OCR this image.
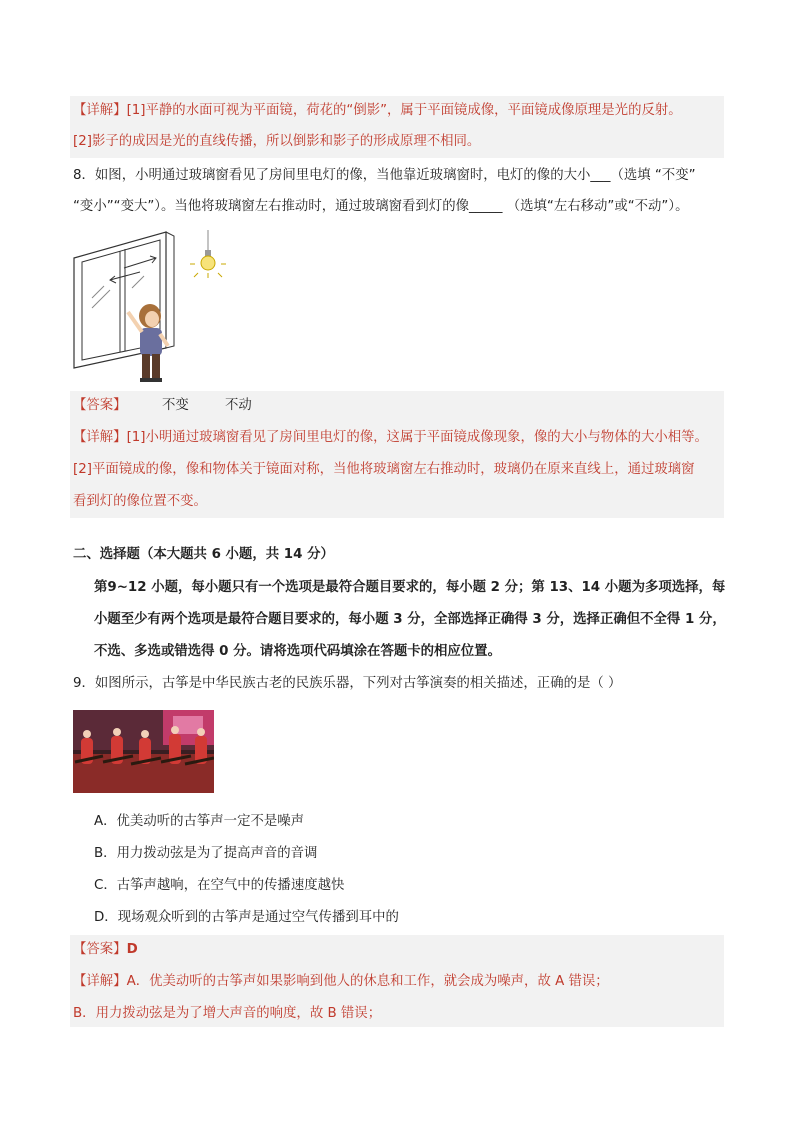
【详解】[1]平静的水面可视为平面镜，荷花的“倒影”，属于平面镜成像，平面镜成像原理是光的反射。
[2]影子的成因是光的直线传播，所以倒影和影子的形成原理不相同。
8．如图，小明通过玻璃窗看见了房间里电灯的像，当他靠近玻璃窗时，电灯的像的大小___（选填 “不变”
“变小”“变大”）。当他将玻璃窗左右推动时，通过玻璃窗看到灯的像_____ （选填“左右移动”或“不动”）。
【答案】	不变	不动
【详解】[1]小明通过玻璃窗看见了房间里电灯的像，这属于平面镜成像现象，像的大小与物体的大小相等。
[2]平面镜成的像，像和物体关于镜面对称，当他将玻璃窗左右推动时，玻璃仍在原来直线上，通过玻璃窗
看到灯的像位置不变。
二、选择题（本大题共 6 小题，共 14 分）
第9~12 小题，每小题只有一个选项是最符合题目要求的，每小题 2 分；第 13、14 小题为多项选择，每
小题至少有两个选项是最符合题目要求的，每小题 3 分，全部选择正确得 3 分，选择正确但不全得 1 分，
不选、多选或错选得 0 分。请将选项代码填涂在答题卡的相应位置。
9．如图所示，古筝是中华民族古老的民族乐器，下列对古筝演奏的相关描述，正确的是（ ）
A．优美动听的古筝声一定不是噪声
B．用力拨动弦是为了提高声音的音调
C．古筝声越响，在空气中的传播速度越快
D．现场观众听到的古筝声是通过空气传播到耳中的
【答案】D
【详解】A．优美动听的古筝声如果影响到他人的休息和工作，就会成为噪声，故 A 错误；
B．用力拨动弦是为了增大声音的响度，故 B 错误；
